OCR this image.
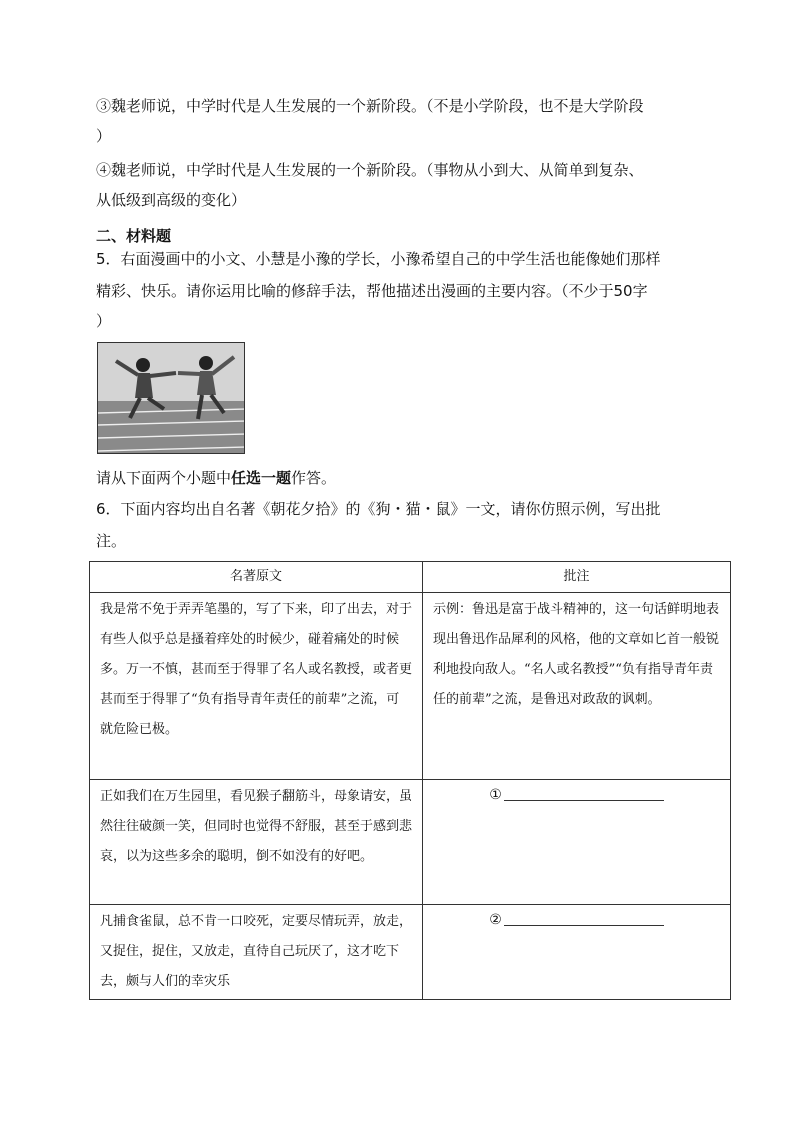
③魏老师说，中学时代是人生发展的一个新阶段。（不是小学阶段，也不是大学阶段

）

④魏老师说，中学时代是人生发展的一个新阶段。（事物从小到大、从简单到复杂、

从低级到高级的变化）

二、材料题

5．右面漫画中的小文、小慧是小豫的学长，小豫希望自己的中学生活也能像她们那样

精彩、快乐。请你运用比喻的修辞手法，帮他描述出漫画的主要内容。（不少于50字

）

请从下面两个小题中任选一题作答。

6．下面内容均出自名著《朝花夕拾》的《狗・猫・鼠》一文，请你仿照示例，写出批

注。

名著原文	批注
我是常不免于弄弄笔墨的，写了下来，印了出去，对于有些人似乎总是搔着痒处的时候少，碰着痛处的时候多。万一不慎，甚而至于得罪了名人或名教授，或者更甚而至于得罪了“负有指导青年责任的前辈”之流，可就危险已极。	示例：鲁迅是富于战斗精神的，这一句话鲜明地表现出鲁迅作品犀利的风格，他的文章如匕首一般锐利地投向敌人。“名人或名教授”“负有指导青年责任的前辈”之流，是鲁迅对政敌的讽刺。
正如我们在万生园里，看见猴子翻筋斗，母象请安，虽然往往破颜一笑，但同时也觉得不舒服，甚至于感到悲哀，以为这些多余的聪明，倒不如没有的好吧。	①
凡捕食雀鼠，总不肯一口咬死，定要尽情玩弄，放走，又捉住，捉住，又放走，直待自己玩厌了，这才吃下去，颇与人们的幸灾乐	②
